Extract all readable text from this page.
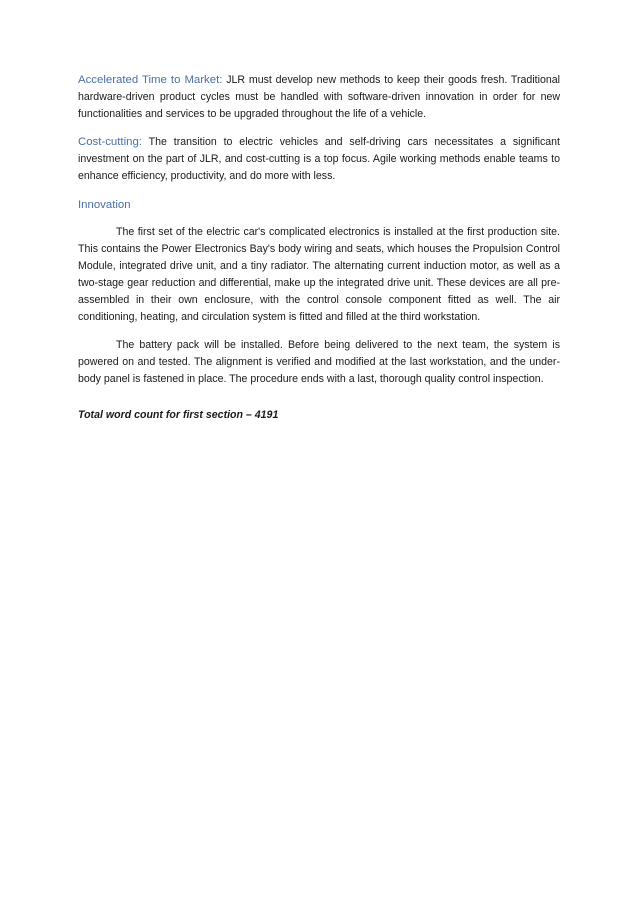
Accelerated Time to Market: JLR must develop new methods to keep their goods fresh. Traditional hardware-driven product cycles must be handled with software-driven innovation in order for new functionalities and services to be upgraded throughout the life of a vehicle.

Cost-cutting: The transition to electric vehicles and self-driving cars necessitates a significant investment on the part of JLR, and cost-cutting is a top focus. Agile working methods enable teams to enhance efficiency, productivity, and do more with less.

Innovation

The first set of the electric car's complicated electronics is installed at the first production site. This contains the Power Electronics Bay's body wiring and seats, which houses the Propulsion Control Module, integrated drive unit, and a tiny radiator. The alternating current induction motor, as well as a two-stage gear reduction and differential, make up the integrated drive unit. These devices are all pre-assembled in their own enclosure, with the control console component fitted as well. The air conditioning, heating, and circulation system is fitted and filled at the third workstation.

The battery pack will be installed. Before being delivered to the next team, the system is powered on and tested. The alignment is verified and modified at the last workstation, and the under-body panel is fastened in place. The procedure ends with a last, thorough quality control inspection.

Total word count for first section – 4191
